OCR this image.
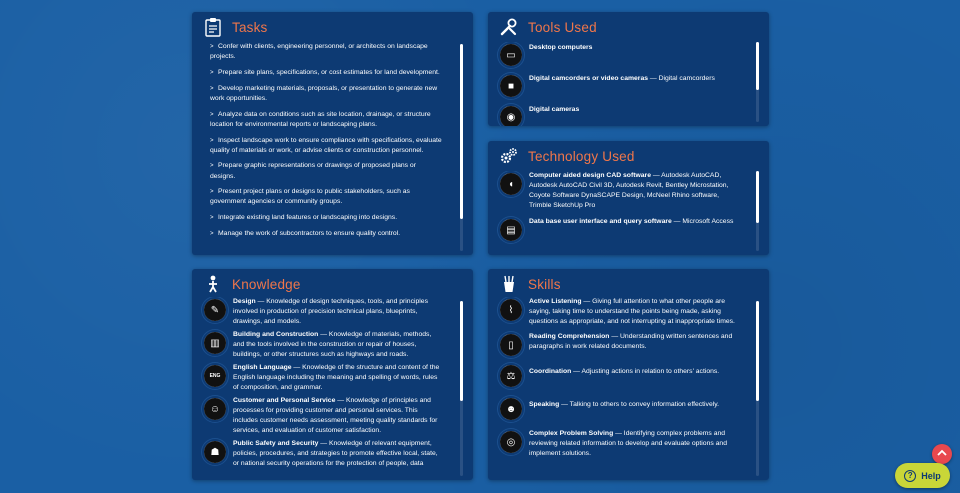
Tasks
> Confer with clients, engineering personnel, or architects on landscape projects.
> Prepare site plans, specifications, or cost estimates for land development.
> Develop marketing materials, proposals, or presentation to generate new work opportunities.
> Analyze data on conditions such as site location, drainage, or structure location for environmental reports or landscaping plans.
> Inspect landscape work to ensure compliance with specifications, evaluate quality of materials or work, or advise clients or construction personnel.
> Prepare graphic representations or drawings of proposed plans or designs.
> Present project plans or designs to public stakeholders, such as government agencies or community groups.
> Integrate existing land features or landscaping into designs.
> Manage the work of subcontractors to ensure quality control.
Tools Used
▭
Desktop computers
■
Digital camcorders or video cameras — Digital camcorders
◉
Digital cameras
Technology Used
◖
Computer aided design CAD software — Autodesk AutoCAD, Autodesk AutoCAD Civil 3D, Autodesk Revit, Bentley Microstation, Coyote Software DynaSCAPE Design, McNeel Rhino software, Trimble SketchUp Pro
▤
Data base user interface and query software — Microsoft Access
Knowledge
✎
Design — Knowledge of design techniques, tools, and principles involved in production of precision technical plans, blueprints, drawings, and models.
▥
Building and Construction — Knowledge of materials, methods, and the tools involved in the construction or repair of houses, buildings, or other structures such as highways and roads.
ENG
English Language — Knowledge of the structure and content of the English language including the meaning and spelling of words, rules of composition, and grammar.
☺
Customer and Personal Service — Knowledge of principles and processes for providing customer and personal services. This includes customer needs assessment, meeting quality standards for services, and evaluation of customer satisfaction.
☗
Public Safety and Security — Knowledge of relevant equipment, policies, procedures, and strategies to promote effective local, state, or national security operations for the protection of people, data
Skills
⌇
Active Listening — Giving full attention to what other people are saying, taking time to understand the points being made, asking questions as appropriate, and not interrupting at inappropriate times.
▯
Reading Comprehension — Understanding written sentences and paragraphs in work related documents.
⚖	Coordination — Adjusting actions in relation to others' actions.
☻	Speaking — Talking to others to convey information effectively.
◎
Complex Problem Solving — Identifying complex problems and reviewing related information to develop and evaluate options and implement solutions.
? Help
